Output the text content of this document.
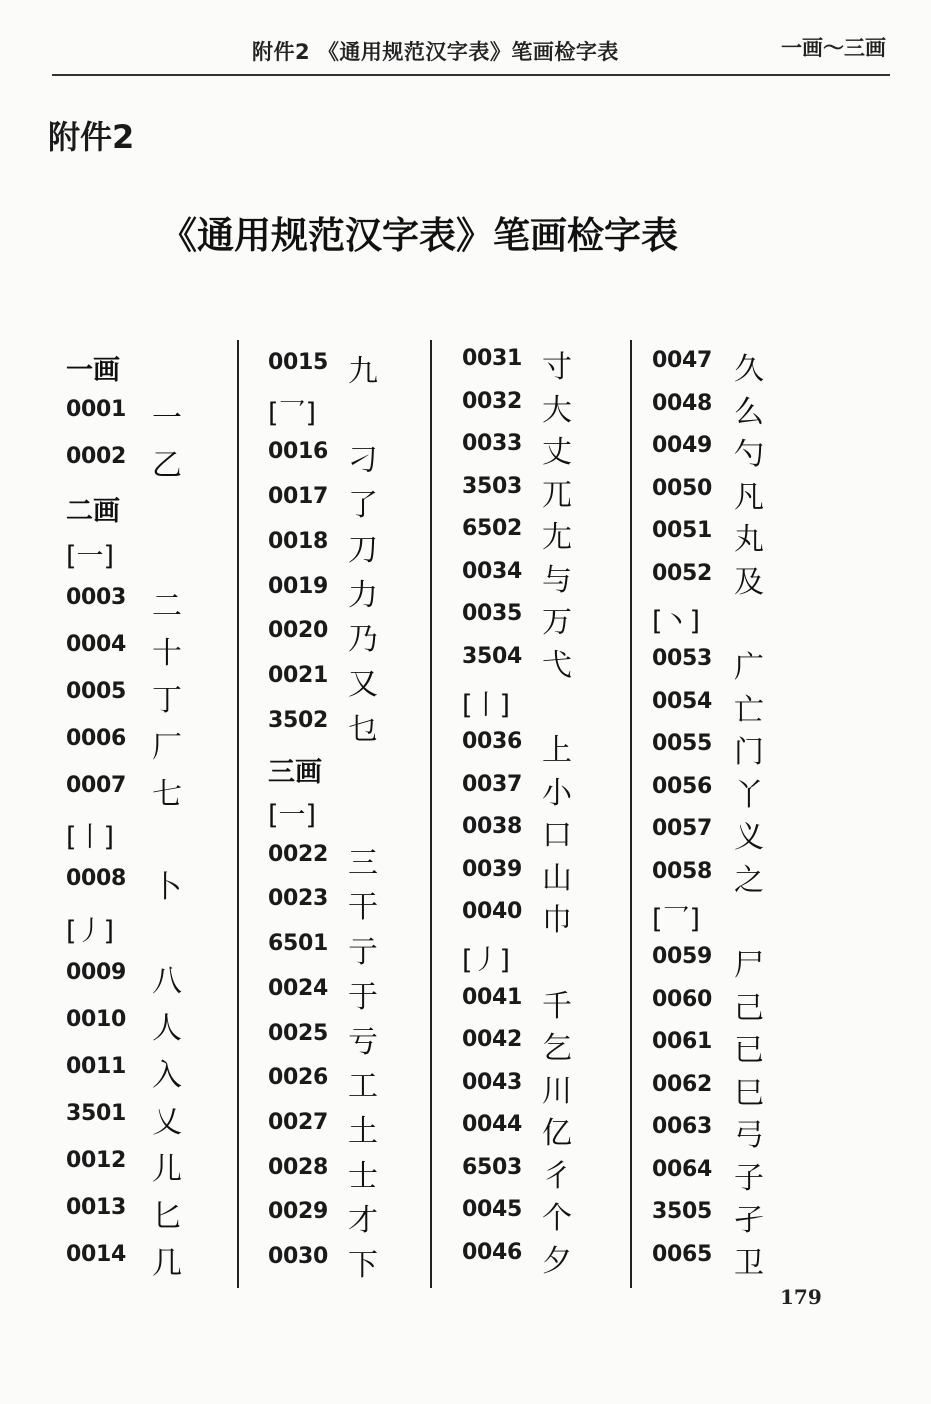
附件2 《通用规范汉字表》笔画检字表	一画～三画
附件2
《通用规范汉字表》笔画检字表
一画
0001 一
0002 乙
二画
[一]
0003 二
0004 十
0005 丁
0006 厂
0007 七
[丨]
0008 卜
[丿]
0009 八
0010 人
0011 入
3501 乂
0012 儿
0013 匕
0014 几
0015 九
[乛]
0016 刁
0017 了
0018 刀
0019 力
0020 乃
0021 又
3502 乜
三画
[一]
0022 三
0023 干
6501 亍
0024 于
0025 亏
0026 工
0027 土
0028 士
0029 才
0030 下
0031 寸
0032 大
0033 丈
3503 兀
6502 尢
0034 与
0035 万
3504 弋
[丨]
0036 上
0037 小
0038 口
0039 山
0040 巾
[丿]
0041 千
0042 乞
0043 川
0044 亿
6503 彳
0045 个
0046 夕
0047 久
0048 么
0049 勺
0050 凡
0051 丸
0052 及
[丶]
0053 广
0054 亡
0055 门
0056 丫
0057 义
0058 之
[乛]
0059 尸
0060 己
0061 已
0062 巳
0063 弓
0064 子
3505 孑
0065 卫
179
